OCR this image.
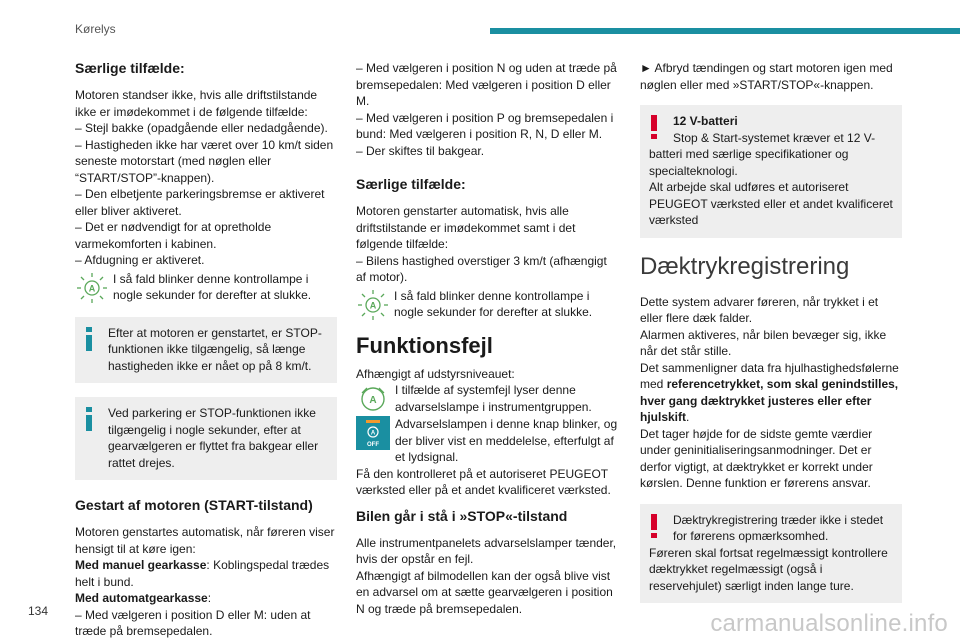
Kørelys
Særlige tilfælde:

Motoren standser ikke, hvis alle driftstilstande ikke er imødekommet i de følgende tilfælde:

– Stejl bakke (opadgående eller nedadgående).

– Hastigheden ikke har været over 10 km/t siden seneste motorstart (med nøglen eller “START/STOP”-knappen).

– Den elbetjente parkeringsbremse er aktiveret eller bliver aktiveret.

– Det er nødvendigt for at opretholde varmekomforten i kabinen.

– Afdugning er aktiveret.

A
I så fald blinker denne kontrollampe i nogle sekunder for derefter at slukke.

Efter at motoren er genstartet, er STOP-funktionen ikke tilgængelig, så længe hastigheden ikke er nået op på 8 km/t.

Ved parkering er STOP-funktionen ikke tilgængelig i nogle sekunder, efter at gearvælgeren er flyttet fra bakgear eller rattet drejes.

Gestart af motoren (START-tilstand)

Motoren genstartes automatisk, når føreren viser hensigt til at køre igen:

Med manuel gearkasse: Koblingspedal trædes helt i bund.

Med automatgearkasse:

– Med vælgeren i position D eller M: uden at træde på bremsepedalen.

– Med vælgeren i position N og uden at træde på bremsepedalen: Med vælgeren i position D eller M.

– Med vælgeren i position P og bremsepedalen i bund: Med vælgeren i position R, N, D eller M.

– Der skiftes til bakgear.

Særlige tilfælde:

Motoren genstarter automatisk, hvis alle driftstilstande er imødekommet samt i det følgende tilfælde:

– Bilens hastighed overstiger 3 km/t (afhængigt af motor).

A
I så fald blinker denne kontrollampe i nogle sekunder for derefter at slukke.
Funktionsfejl

Afhængigt af udstyrsniveauet:

A

I tilfælde af systemfejl lyser denne advarselslampe i instrumentgruppen.

A
OFF

Advarselslampen i denne knap blinker, og der bliver vist en meddelelse, efterfulgt af et lydsignal.

Få den kontrolleret på et autoriseret PEUGEOT værksted eller på et andet kvalificeret værksted.

Bilen går i stå i »STOP«-tilstand

Alle instrumentpanelets advarselslamper tænder, hvis der opstår en fejl.

Afhængigt af bilmodellen kan der også blive vist en advarsel om at sætte gearvælgeren i position N og træde på bremsepedalen.

► Afbryd tændingen og start motoren igen med nøglen eller med »START/STOP«-knappen.

12 V-batteri

Stop & Start-systemet kræver et 12 V-batteri med særlige specifikationer og specialteknologi.

Alt arbejde skal udføres et autoriseret PEUGEOT værksted eller et andet kvalificeret værksted

Dæktrykregistrering

Dette system advarer føreren, når trykket i et eller flere dæk falder.

Alarmen aktiveres, når bilen bevæger sig, ikke når det står stille.

Det sammenligner data fra hjulhastighedsfølerne med referencetrykket, som skal genindstilles, hver gang dæktrykket justeres eller efter hjulskift.

Det tager højde for de sidste gemte værdier under geninitialiseringsanmodninger. Det er derfor vigtigt, at dæktrykket er korrekt under kørslen. Denne funktion er førerens ansvar.

Dæktrykregistrering træder ikke i stedet for førerens opmærksomhed.

Føreren skal fortsat regelmæssigt kontrollere dæktrykket regelmæssigt (også i reservehjulet) særligt inden lange ture.

134	carmanualsonline.info
